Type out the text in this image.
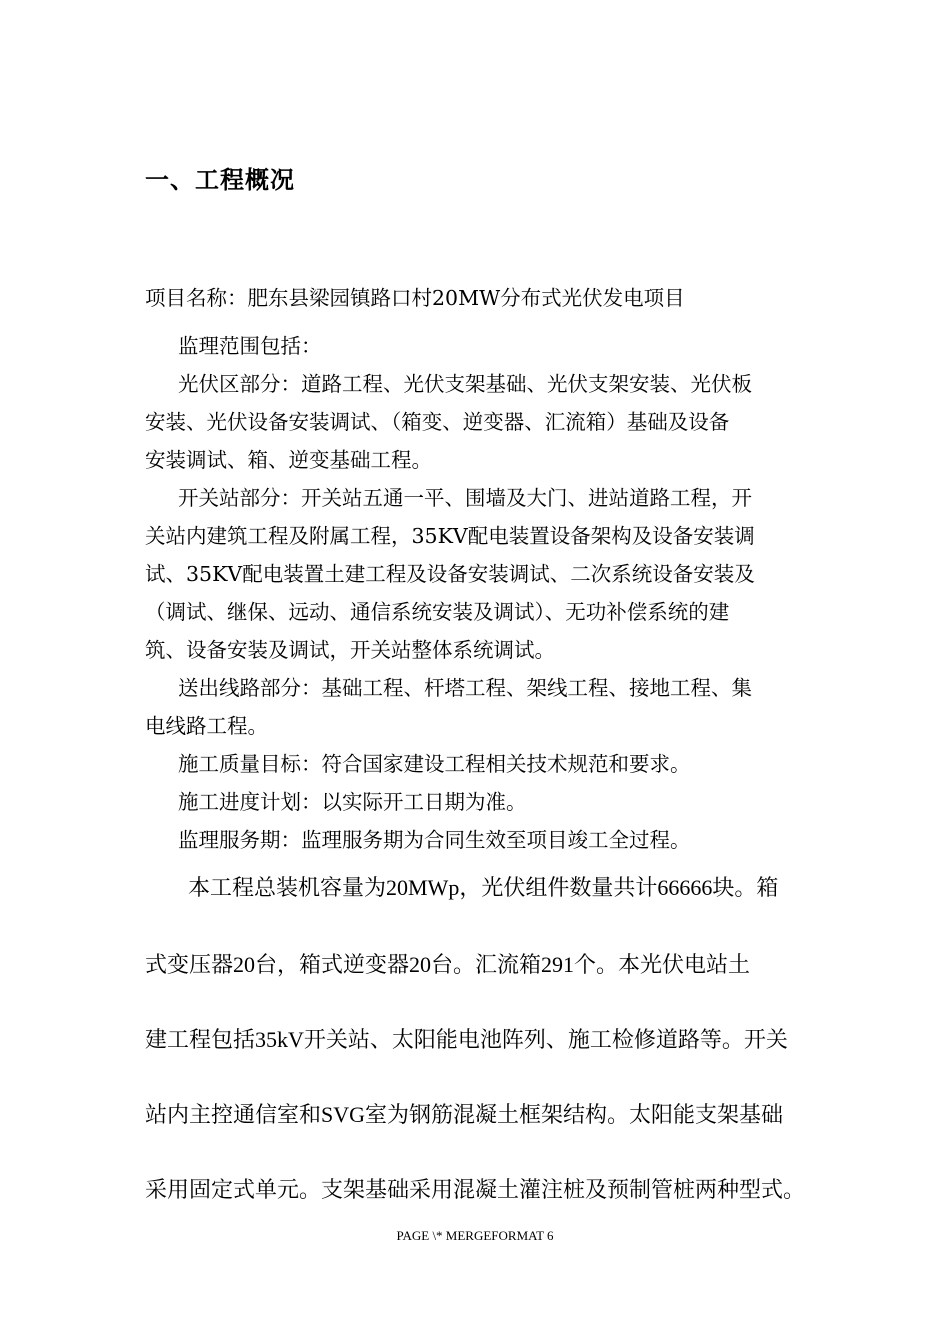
一、工程概况

项目名称：肥东县梁园镇路口村20MW分布式光伏发电项目

监理范围包括：

光伏区部分：道路工程、光伏支架基础、光伏支架安装、光伏板

安装、光伏设备安装调试、（箱变、逆变器、汇流箱）基础及设备

安装调试、箱、逆变基础工程。

开关站部分：开关站五通一平、围墙及大门、进站道路工程，开

关站内建筑工程及附属工程，35KV配电装置设备架构及设备安装调

试、35KV配电装置土建工程及设备安装调试、二次系统设备安装及

（调试、继保、远动、通信系统安装及调试）、无功补偿系统的建

筑、设备安装及调试，开关站整体系统调试。

送出线路部分：基础工程、杆塔工程、架线工程、接地工程、集

电线路工程。

施工质量目标：符合国家建设工程相关技术规范和要求。

施工进度计划：以实际开工日期为准。

监理服务期：监理服务期为合同生效至项目竣工全过程。

本工程总装机容量为20MWp，光伏组件数量共计66666块。箱

式变压器20台，箱式逆变器20台。汇流箱291个。本光伏电站土

建工程包括35kV开关站、太阳能电池阵列、施工检修道路等。开关

站内主控通信室和SVG室为钢筋混凝土框架结构。太阳能支架基础

采用固定式单元。支架基础采用混凝土灌注桩及预制管桩两种型式。

PAGE \* MERGEFORMAT 6
